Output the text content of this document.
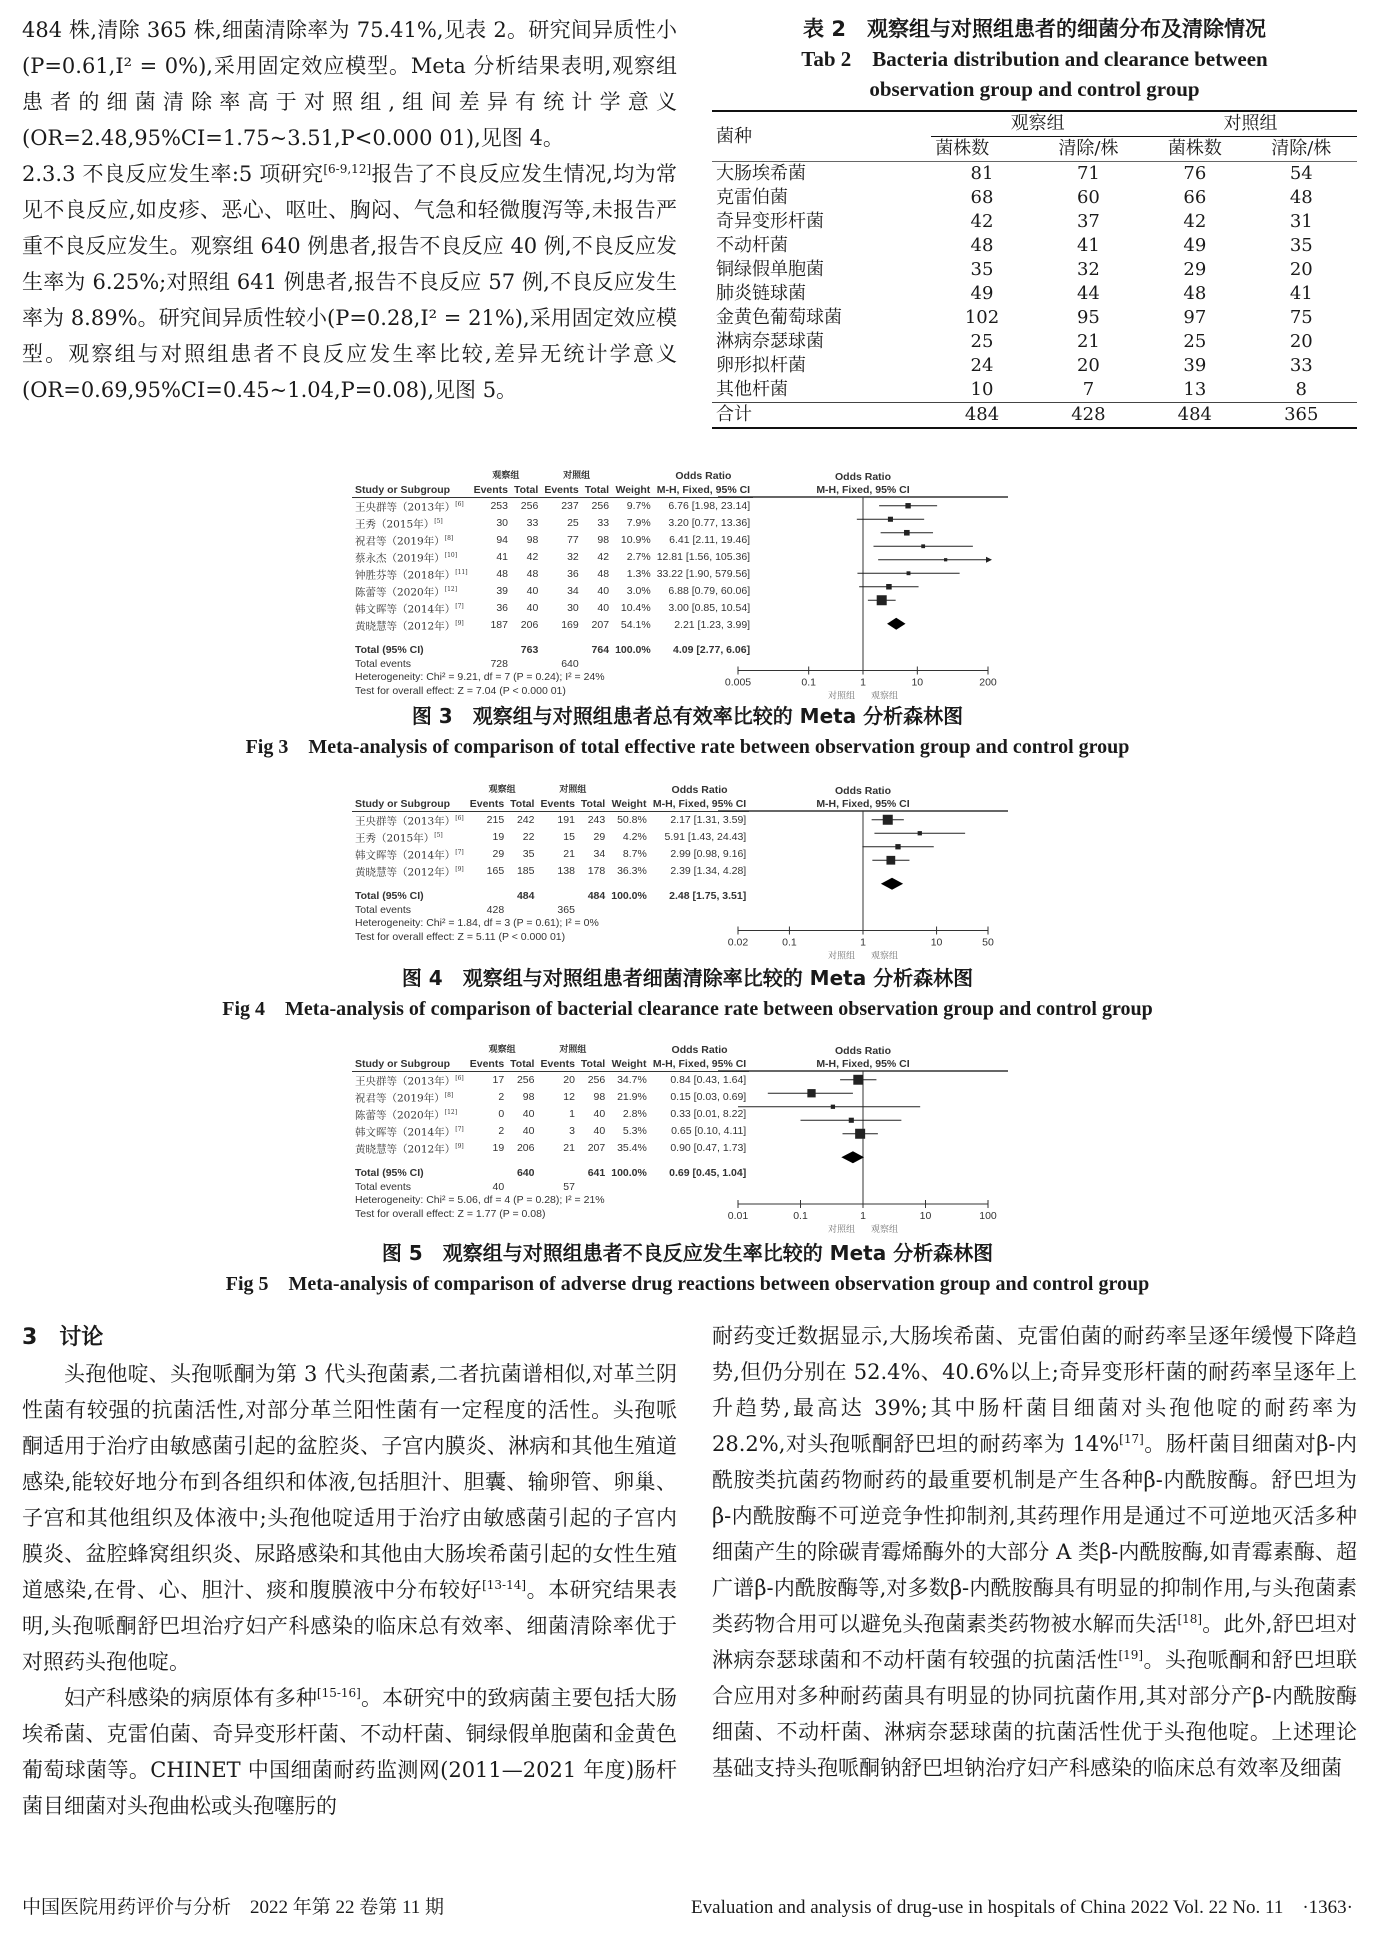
484 株,清除 365 株,细菌清除率为 75.41%,见表 2。研究间异质性小(P=0.61,I² = 0%),采用固定效应模型。Meta 分析结果表明,观察组患者的细菌清除率高于对照组,组间差异有统计学意义(OR=2.48,95%CI=1.75~3.51,P<0.000 01),见图 4。

2.3.3 不良反应发生率:5 项研究[6-9,12]报告了不良反应发生情况,均为常见不良反应,如皮疹、恶心、呕吐、胸闷、气急和轻微腹泻等,未报告严重不良反应发生。观察组 640 例患者,报告不良反应 40 例,不良反应发生率为 6.25%;对照组 641 例患者,报告不良反应 57 例,不良反应发生率为 8.89%。研究间异质性较小(P=0.28,I² = 21%),采用固定效应模型。观察组与对照组患者不良反应发生率比较,差异无统计学意义(OR=0.69,95%CI=0.45~1.04,P=0.08),见图 5。

表 2　观察组与对照组患者的细菌分布及清除情况
Tab 2　Bacteria distribution and clearance between
observation group and control group
菌种	观察组		对照组	
	菌株数	清除/株	菌株数	清除/株
大肠埃希菌	81	71	76	54
克雷伯菌	68	60	66	48
奇异变形杆菌	42	37	42	31
不动杆菌	48	41	49	35
铜绿假单胞菌	35	32	29	20
肺炎链球菌	49	44	48	41
金黄色葡萄球菌	102	95	97	75
淋病奈瑟球菌	25	21	25	20
卵形拟杆菌	24	20	39	33
其他杆菌	10	7	13	8
合计	484	428	484	365
	观察组		对照组			Odds Ratio
Study or Subgroup	Events	Total	Events	Total	Weight	M-H, Fixed, 95% CI
王央群等（2013年）[6]	253	256	237	256	9.7%	6.76 [1.98, 23.14]
王秀（2015年）[5]	30	33	25	33	7.9%	3.20 [0.77, 13.36]
祝君等（2019年）[8]	94	98	77	98	10.9%	6.41 [2.11, 19.46]
蔡永杰（2019年）[10]	41	42	32	42	2.7%	12.81 [1.56, 105.36]
钟胜芬等（2018年）[11]	48	48	36	48	1.3%	33.22 [1.90, 579.56]
陈蕾等（2020年）[12]	39	40	34	40	3.0%	6.88 [0.79, 60.06]
韩文晖等（2014年）[7]	36	40	30	40	10.4%	3.00 [0.85, 10.54]
黄晓慧等（2012年）[9]	187	206	169	207	54.1%	2.21 [1.23, 3.99]
Total (95% CI)		763		764	100.0%	4.09 [2.77, 6.06]
Total events	728		640			
Heterogeneity: Chi² = 9.21, df = 7 (P = 0.24); I² = 24%						
Test for overall effect: Z = 7.04 (P < 0.000 01)						
Odds Ratio
M-H, Fixed, 95% CI
0.005	0.1	1	10	200
对照组 观察组
图 3　观察组与对照组患者总有效率比较的 Meta 分析森林图
Fig 3　Meta-analysis of comparison of total effective rate between observation group and control group
	观察组		对照组			Odds Ratio
Study or Subgroup	Events	Total	Events	Total	Weight	M-H, Fixed, 95% CI
王央群等（2013年）[6]	215	242	191	243	50.8%	2.17 [1.31, 3.59]
王秀（2015年）[5]	19	22	15	29	4.2%	5.91 [1.43, 24.43]
韩文晖等（2014年）[7]	29	35	21	34	8.7%	2.99 [0.98, 9.16]
黄晓慧等（2012年）[9]	165	185	138	178	36.3%	2.39 [1.34, 4.28]
Total (95% CI)		484		484	100.0%	2.48 [1.75, 3.51]
Total events	428		365			
Heterogeneity: Chi² = 1.84, df = 3 (P = 0.61); I² = 0%						
Test for overall effect: Z = 5.11 (P < 0.000 01)						
Odds Ratio
M-H, Fixed, 95% CI
0.02	0.1	1	10	50
对照组 观察组
图 4　观察组与对照组患者细菌清除率比较的 Meta 分析森林图
Fig 4　Meta-analysis of comparison of bacterial clearance rate between observation group and control group
	观察组		对照组			Odds Ratio
Study or Subgroup	Events	Total	Events	Total	Weight	M-H, Fixed, 95% CI
王央群等（2013年）[6]	17	256	20	256	34.7%	0.84 [0.43, 1.64]
祝君等（2019年）[8]	2	98	12	98	21.9%	0.15 [0.03, 0.69]
陈蕾等（2020年）[12]	0	40	1	40	2.8%	0.33 [0.01, 8.22]
韩文晖等（2014年）[7]	2	40	3	40	5.3%	0.65 [0.10, 4.11]
黄晓慧等（2012年）[9]	19	206	21	207	35.4%	0.90 [0.47, 1.73]
Total (95% CI)		640		641	100.0%	0.69 [0.45, 1.04]
Total events	40		57			
Heterogeneity: Chi² = 5.06, df = 4 (P = 0.28); I² = 21%						
Test for overall effect: Z = 1.77 (P = 0.08)						
Odds Ratio
M-H, Fixed, 95% CI
0.01	0.1	1	10	100
对照组 观察组
图 5　观察组与对照组患者不良反应发生率比较的 Meta 分析森林图
Fig 5　Meta-analysis of comparison of adverse drug reactions between observation group and control group
3　讨论

头孢他啶、头孢哌酮为第 3 代头孢菌素,二者抗菌谱相似,对革兰阴性菌有较强的抗菌活性,对部分革兰阳性菌有一定程度的活性。头孢哌酮适用于治疗由敏感菌引起的盆腔炎、子宫内膜炎、淋病和其他生殖道感染,能较好地分布到各组织和体液,包括胆汁、胆囊、输卵管、卵巢、子宫和其他组织及体液中;头孢他啶适用于治疗由敏感菌引起的子宫内膜炎、盆腔蜂窝组织炎、尿路感染和其他由大肠埃希菌引起的女性生殖道感染,在骨、心、胆汁、痰和腹膜液中分布较好[13-14]。本研究结果表明,头孢哌酮舒巴坦治疗妇产科感染的临床总有效率、细菌清除率优于对照药头孢他啶。

妇产科感染的病原体有多种[15-16]。本研究中的致病菌主要包括大肠埃希菌、克雷伯菌、奇异变形杆菌、不动杆菌、铜绿假单胞菌和金黄色葡萄球菌等。CHINET 中国细菌耐药监测网(2011—2021 年度)肠杆菌目细菌对头孢曲松或头孢噻肟的

耐药变迁数据显示,大肠埃希菌、克雷伯菌的耐药率呈逐年缓慢下降趋势,但仍分别在 52.4%、40.6%以上;奇异变形杆菌的耐药率呈逐年上升趋势,最高达 39%;其中肠杆菌目细菌对头孢他啶的耐药率为 28.2%,对头孢哌酮舒巴坦的耐药率为 14%[17]。肠杆菌目细菌对β-内酰胺类抗菌药物耐药的最重要机制是产生各种β-内酰胺酶。舒巴坦为β-内酰胺酶不可逆竞争性抑制剂,其药理作用是通过不可逆地灭活多种细菌产生的除碳青霉烯酶外的大部分 A 类β-内酰胺酶,如青霉素酶、超广谱β-内酰胺酶等,对多数β-内酰胺酶具有明显的抑制作用,与头孢菌素类药物合用可以避免头孢菌素类药物被水解而失活[18]。此外,舒巴坦对淋病奈瑟球菌和不动杆菌有较强的抗菌活性[19]。头孢哌酮和舒巴坦联合应用对多种耐药菌具有明显的协同抗菌作用,其对部分产β-内酰胺酶细菌、不动杆菌、淋病奈瑟球菌的抗菌活性优于头孢他啶。上述理论基础支持头孢哌酮钠舒巴坦钠治疗妇产科感染的临床总有效率及细菌

中国医院用药评价与分析　2022 年第 22 卷第 11 期	Evaluation and analysis of drug-use in hospitals of China 2022 Vol. 22 No. 11　·1363·
